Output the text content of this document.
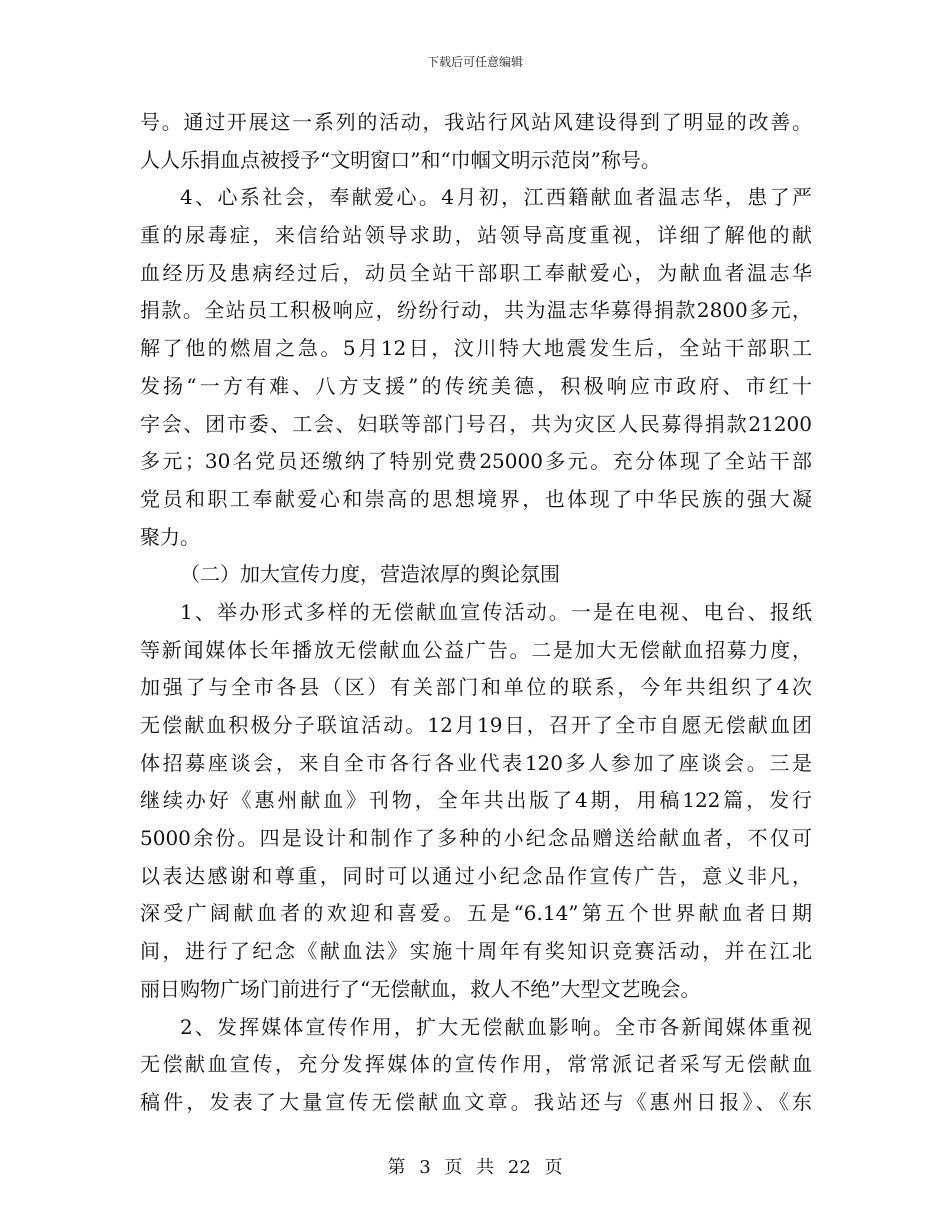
下载后可任意编辑
号。通过开展这一系列的活动，我站行风站风建设得到了明显的改善。
人人乐捐血点被授予“文明窗口”和“巾帼文明示范岗”称号。
4、心系社会，奉献爱心。4月初，江西籍献血者温志华，患了严
重的尿毒症，来信给站领导求助，站领导高度重视，详细了解他的献
血经历及患病经过后，动员全站干部职工奉献爱心，为献血者温志华
捐款。全站员工积极响应，纷纷行动，共为温志华募得捐款2800多元，
解了他的燃眉之急。5月12日，汶川特大地震发生后，全站干部职工
发扬“一方有难、八方支援”的传统美德，积极响应市政府、市红十
字会、团市委、工会、妇联等部门号召，共为灾区人民募得捐款21200
多元；30名党员还缴纳了特别党费25000多元。充分体现了全站干部
党员和职工奉献爱心和崇高的思想境界，也体现了中华民族的强大凝
聚力。
（二）加大宣传力度，营造浓厚的舆论氛围
1、举办形式多样的无偿献血宣传活动。一是在电视、电台、报纸
等新闻媒体长年播放无偿献血公益广告。二是加大无偿献血招募力度，
加强了与全市各县（区）有关部门和单位的联系，今年共组织了4次
无偿献血积极分子联谊活动。12月19日，召开了全市自愿无偿献血团
体招募座谈会，来自全市各行各业代表120多人参加了座谈会。三是
继续办好《惠州献血》刊物，全年共出版了4期，用稿122篇，发行
5000余份。四是设计和制作了多种的小纪念品赠送给献血者，不仅可
以表达感谢和尊重，同时可以通过小纪念品作宣传广告，意义非凡，
深受广阔献血者的欢迎和喜爱。五是“6.14”第五个世界献血者日期
间，进行了纪念《献血法》实施十周年有奖知识竞赛活动，并在江北
丽日购物广场门前进行了“无偿献血，救人不绝”大型文艺晚会。
2、发挥媒体宣传作用，扩大无偿献血影响。全市各新闻媒体重视
无偿献血宣传，充分发挥媒体的宣传作用，常常派记者采写无偿献血
稿件，发表了大量宣传无偿献血文章。我站还与《惠州日报》、《东
第 3 页 共 22 页
